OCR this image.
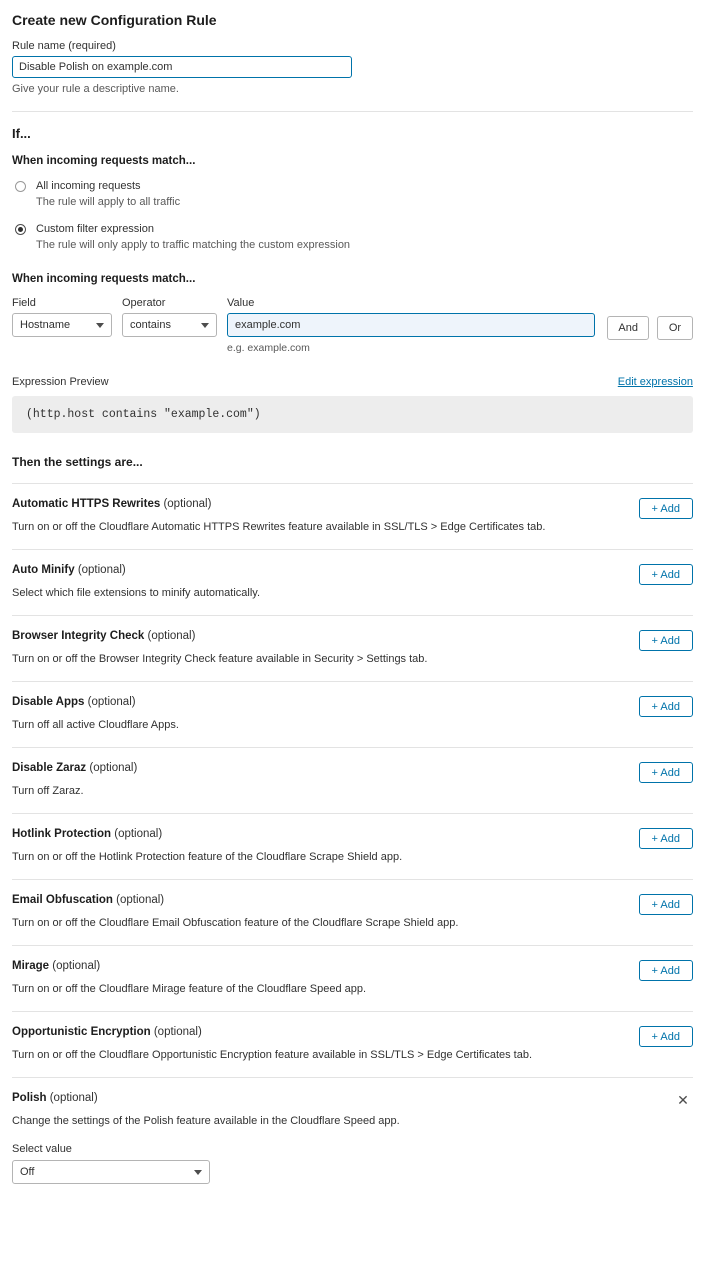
Create new Configuration Rule
Rule name (required)
Disable Polish on example.com
Give your rule a descriptive name.
If...
When incoming requests match...
All incoming requests
The rule will apply to all traffic
Custom filter expression
The rule will only apply to traffic matching the custom expression
When incoming requests match...
Field
Hostname
Operator
contains
Value
example.com
e.g. example.com
And	Or
Expression Preview	Edit expression
(http.host contains "example.com")
Then the settings are...
Automatic HTTPS Rewrites (optional)
Turn on or off the Cloudflare Automatic HTTPS Rewrites feature available in SSL/TLS > Edge Certificates tab.
+ Add
Auto Minify (optional)
Select which file extensions to minify automatically.
+ Add
Browser Integrity Check (optional)
Turn on or off the Browser Integrity Check feature available in Security > Settings tab.
+ Add
Disable Apps (optional)
Turn off all active Cloudflare Apps.
+ Add
Disable Zaraz (optional)
Turn off Zaraz.
+ Add
Hotlink Protection (optional)
Turn on or off the Hotlink Protection feature of the Cloudflare Scrape Shield app.
+ Add
Email Obfuscation (optional)
Turn on or off the Cloudflare Email Obfuscation feature of the Cloudflare Scrape Shield app.
+ Add
Mirage (optional)
Turn on or off the Cloudflare Mirage feature of the Cloudflare Speed app.
+ Add
Opportunistic Encryption (optional)
Turn on or off the Cloudflare Opportunistic Encryption feature available in SSL/TLS > Edge Certificates tab.
+ Add
Polish (optional)
Change the settings of the Polish feature available in the Cloudflare Speed app.
✕
Select value
Off
